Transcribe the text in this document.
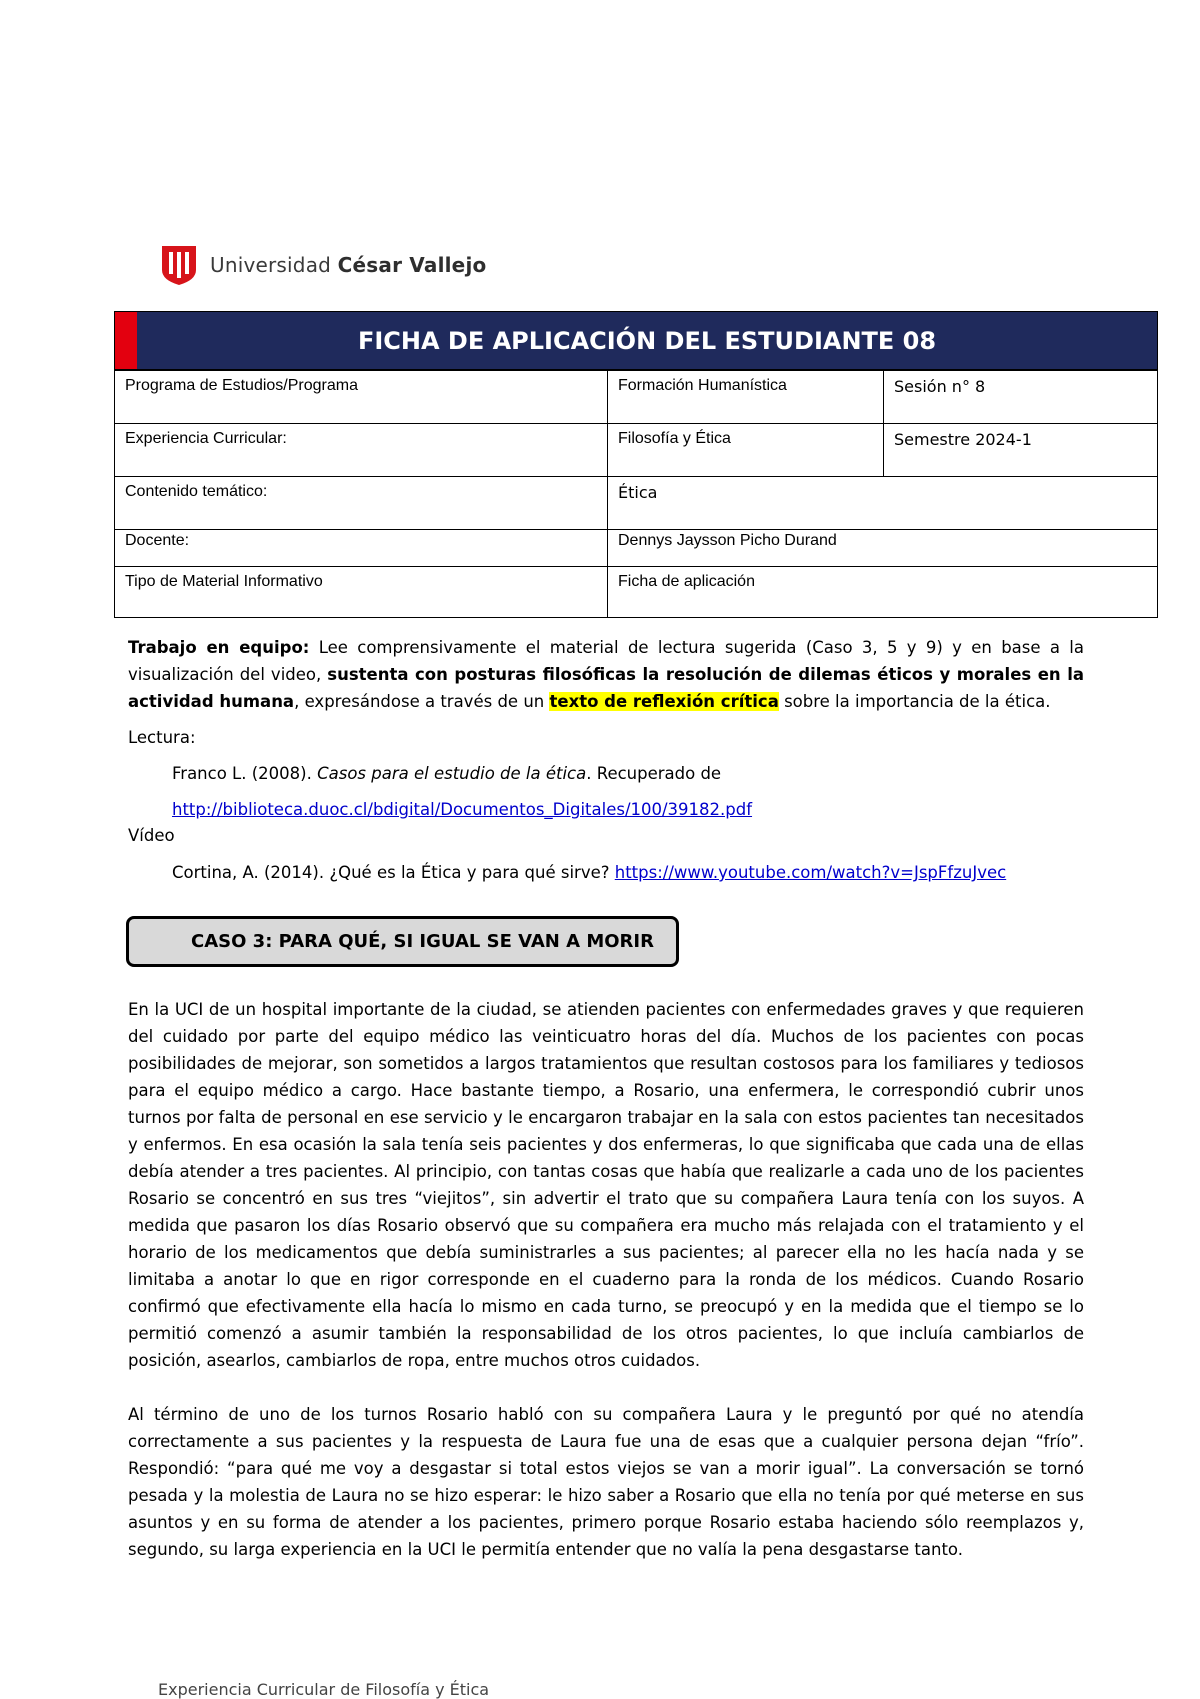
Universidad César Vallejo
FICHA DE APLICACIÓN DEL ESTUDIANTE 08
Programa de Estudios/Programa	Formación Humanística	Sesión n° 8
Experiencia Curricular:	Filosofía y Ética	Semestre 2024-1
Contenido temático:	Ética	
Docente:	Dennys Jaysson Picho Durand	
Tipo de Material Informativo	Ficha de aplicación	
Trabajo en equipo: Lee comprensivamente el material de lectura sugerida (Caso 3, 5 y 9) y en base a la visualización del video, sustenta con posturas filosóficas la resolución de dilemas éticos y morales en la actividad humana, expresándose a través de un texto de reflexión crítica sobre la importancia de la ética.
Lectura:
Franco L. (2008). Casos para el estudio de la ética. Recuperado de
http://biblioteca.duoc.cl/bdigital/Documentos_Digitales/100/39182.pdf
Vídeo
Cortina, A. (2014). ¿Qué es la Ética y para qué sirve? https://www.youtube.com/watch?v=JspFfzuJvec
CASO 3: PARA QUÉ, SI IGUAL SE VAN A MORIR
En la UCI de un hospital importante de la ciudad, se atienden pacientes con enfermedades graves y que requieren del cuidado por parte del equipo médico las veinticuatro horas del día. Muchos de los pacientes con pocas posibilidades de mejorar, son sometidos a largos tratamientos que resultan costosos para los familiares y tediosos para el equipo médico a cargo. Hace bastante tiempo, a Rosario, una enfermera, le correspondió cubrir unos turnos por falta de personal en ese servicio y le encargaron trabajar en la sala con estos pacientes tan necesitados y enfermos. En esa ocasión la sala tenía seis pacientes y dos enfermeras, lo que significaba que cada una de ellas debía atender a tres pacientes. Al principio, con tantas cosas que había que realizarle a cada uno de los pacientes Rosario se concentró en sus tres “viejitos”, sin advertir el trato que su compañera Laura tenía con los suyos. A medida que pasaron los días Rosario observó que su compañera era mucho más relajada con el tratamiento y el horario de los medicamentos que debía suministrarles a sus pacientes; al parecer ella no les hacía nada y se limitaba a anotar lo que en rigor corresponde en el cuaderno para la ronda de los médicos. Cuando Rosario confirmó que efectivamente ella hacía lo mismo en cada turno, se preocupó y en la medida que el tiempo se lo permitió comenzó a asumir también la responsabilidad de los otros pacientes, lo que incluía cambiarlos de posición, asearlos, cambiarlos de ropa, entre muchos otros cuidados.
Al término de uno de los turnos Rosario habló con su compañera Laura y le preguntó por qué no atendía correctamente a sus pacientes y la respuesta de Laura fue una de esas que a cualquier persona dejan “frío”. Respondió: “para qué me voy a desgastar si total estos viejos se van a morir igual”. La conversación se tornó pesada y la molestia de Laura no se hizo esperar: le hizo saber a Rosario que ella no tenía por qué meterse en sus asuntos y en su forma de atender a los pacientes, primero porque Rosario estaba haciendo sólo reemplazos y, segundo, su larga experiencia en la UCI le permitía entender que no valía la pena desgastarse tanto.
Experiencia Curricular de Filosofía y Ética
